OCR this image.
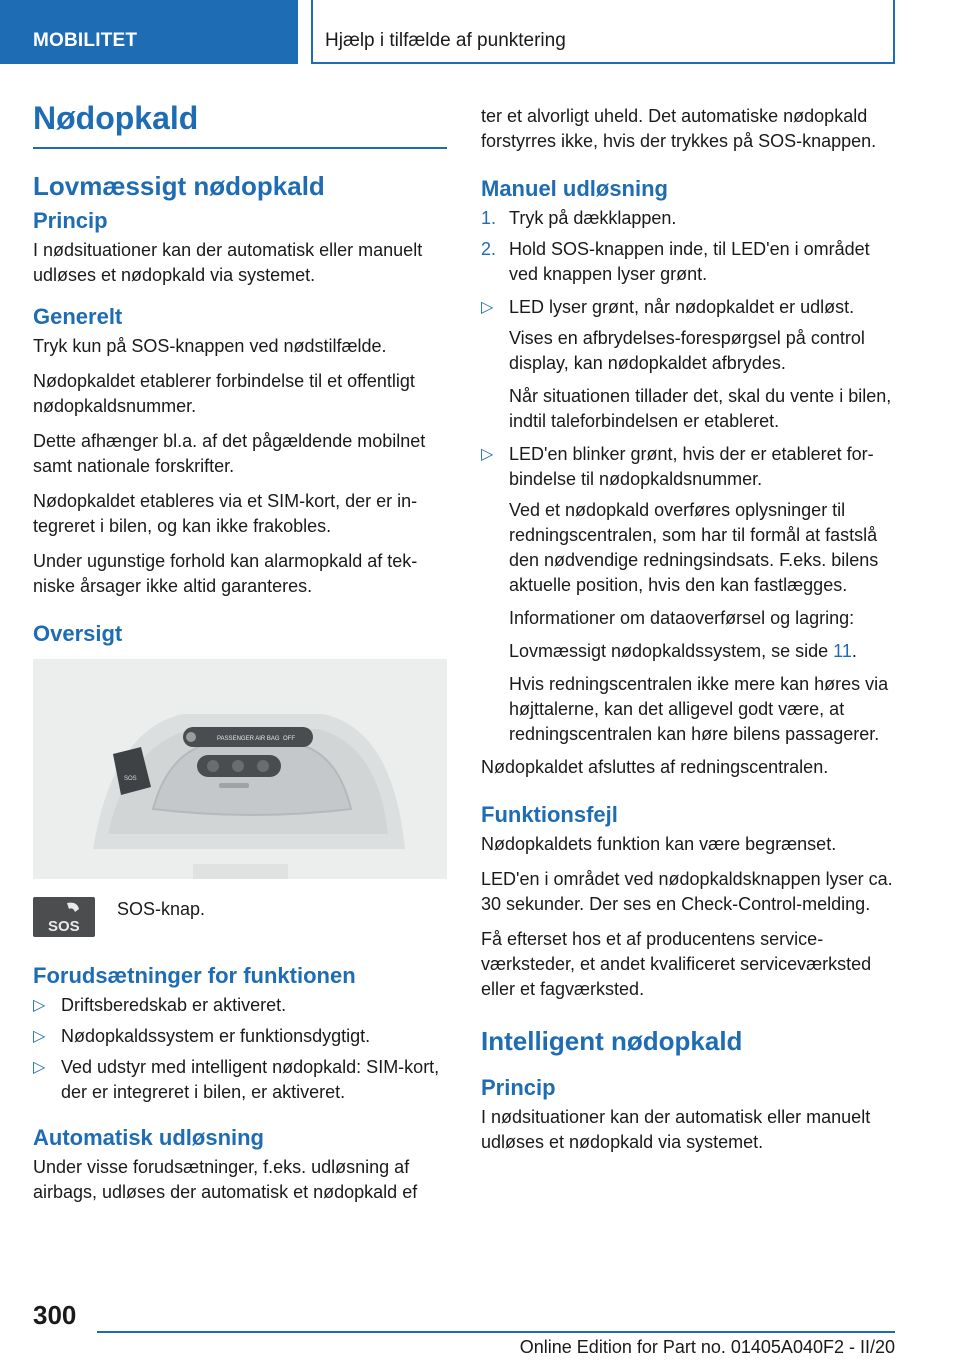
MOBILITET	Hjælp i tilfælde af punktering
Nødopkald
Lovmæssigt nødopkald
Princip

I nødsituationer kan der automatisk eller manuelt udløses et nødopkald via systemet.

Generelt

Tryk kun på SOS-knappen ved nødstilfælde.

Nødopkaldet etablerer forbindelse til et offentligt nødopkaldsnummer.

Dette afhænger bl.a. af det pågældende mobilnet samt nationale forskrifter.

Nødopkaldet etableres via et SIM-kort, der er integreret i bilen, og kan ikke frakobles.

Under ugunstige forhold kan alarmopkald af tekniske årsager ikke altid garanteres.

Oversigt
PASSENGER AIR BAG OFF
SOS
SOS
SOS-knap.
Forudsætninger for funktionen
▷ Driftsberedskab er aktiveret.
▷ Nødopkaldssystem er funktionsdygtigt.
▷ Ved udstyr med intelligent nødopkald: SIM-kort, der er integreret i bilen, er aktiveret.
Automatisk udløsning

Under visse forudsætninger, f.eks. udløsning af airbags, udløses der automatisk et nødopkald ef

ter et alvorligt uheld. Det automatiske nødopkald forstyrres ikke, hvis der trykkes på SOS-knappen.

Manuel udløsning
1. Tryk på dækklappen.
2. Hold SOS-knappen inde, til LED'en i området ved knappen lyser grønt.
▷ LED lyser grønt, når nødopkaldet er udløst.

Vises en afbrydelses-forespørgsel på control display, kan nødopkaldet afbrydes.

Når situationen tillader det, skal du vente i bilen, indtil taleforbindelsen er etableret.

▷ LED'en blinker grønt, hvis der er etableret forbindelse til nødopkaldsnummer.

Ved et nødopkald overføres oplysninger til redningscentralen, som har til formål at fastslå den nødvendige redningsindsats. F.eks. bilens aktuelle position, hvis den kan fastlægges.

Informationer om dataoverførsel og lagring:

Lovmæssigt nødopkaldssystem, se side 11.

Hvis redningscentralen ikke mere kan høres via højttalerne, kan det alligevel godt være, at redningscentralen kan høre bilens passagerer.

Nødopkaldet afsluttes af redningscentralen.

Funktionsfejl

Nødopkaldets funktion kan være begrænset.

LED'en i området ved nødopkaldsknappen lyser ca. 30 sekunder. Der ses en Check-Control-melding.

Få efterset hos et af producentens serviceværksteder, et andet kvalificeret serviceværksted eller et fagværksted.

Intelligent nødopkald
Princip

I nødsituationer kan der automatisk eller manuelt udløses et nødopkald via systemet.

300
Online Edition for Part no. 01405A040F2 - II/20
